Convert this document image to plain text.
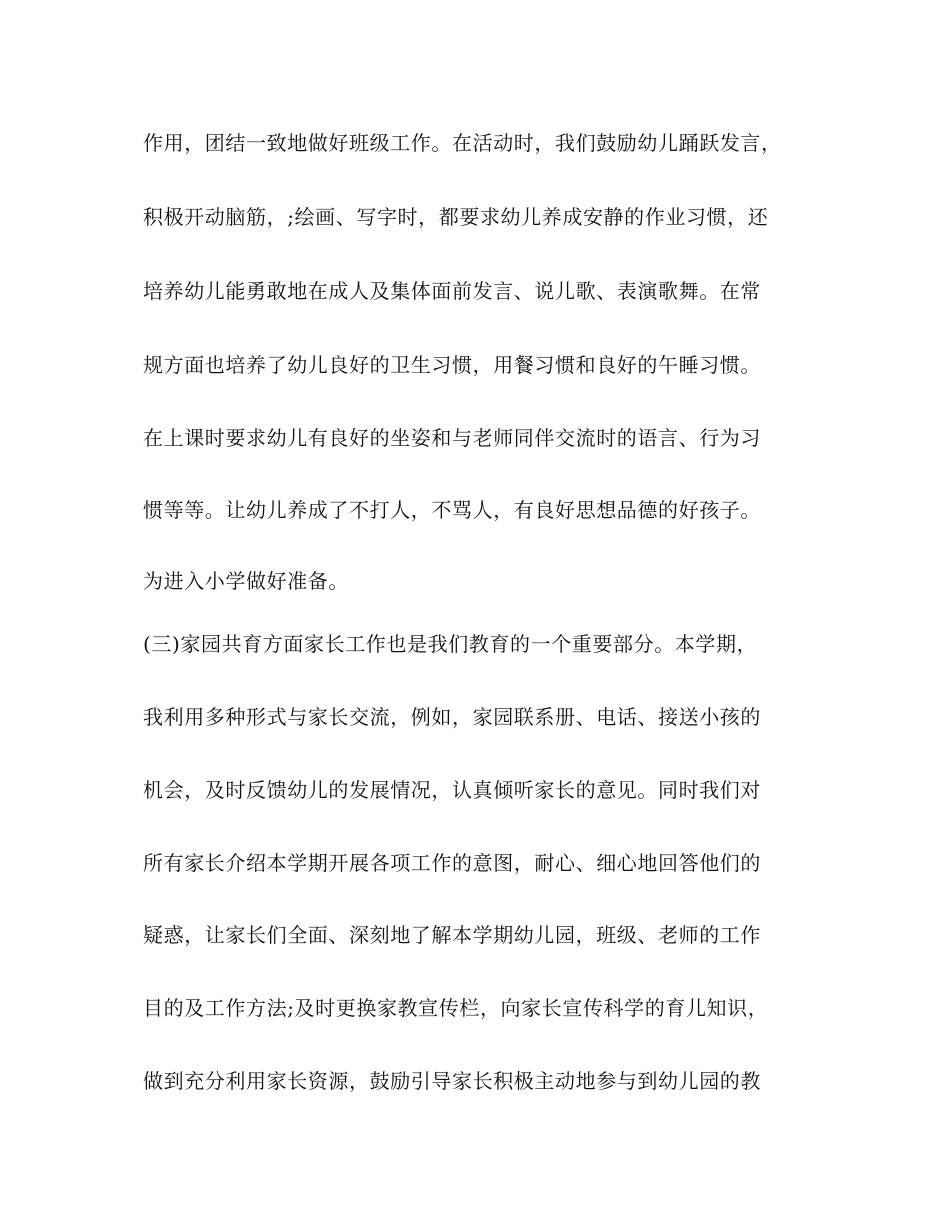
作用，团结一致地做好班级工作。在活动时，我们鼓励幼儿踊跃发言，
积极开动脑筋，;绘画、写字时，都要求幼儿养成安静的作业习惯，还
培养幼儿能勇敢地在成人及集体面前发言、说儿歌、表演歌舞。在常
规方面也培养了幼儿良好的卫生习惯，用餐习惯和良好的午睡习惯。
在上课时要求幼儿有良好的坐姿和与老师同伴交流时的语言、行为习
惯等等。让幼儿养成了不打人，不骂人，有良好思想品德的好孩子。
为进入小学做好准备。
(三)家园共育方面家长工作也是我们教育的一个重要部分。本学期，
我利用多种形式与家长交流，例如，家园联系册、电话、接送小孩的
机会，及时反馈幼儿的发展情况，认真倾听家长的意见。同时我们对
所有家长介绍本学期开展各项工作的意图，耐心、细心地回答他们的
疑惑，让家长们全面、深刻地了解本学期幼儿园，班级、老师的工作
目的及工作方法;及时更换家教宣传栏，向家长宣传科学的育儿知识，
做到充分利用家长资源，鼓励引导家长积极主动地参与到幼儿园的教
